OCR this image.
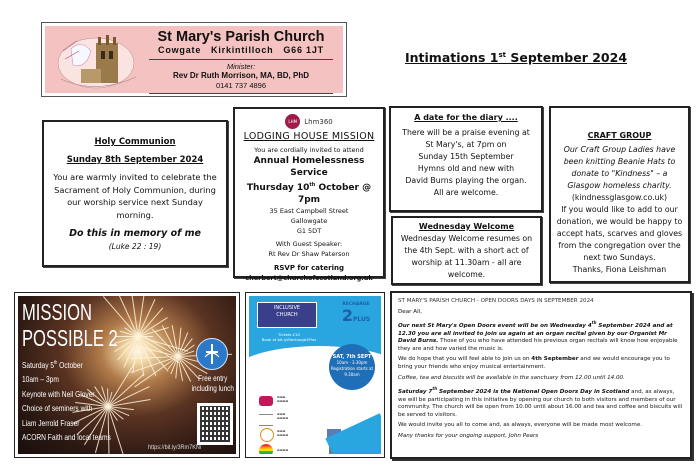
St Mary's Parish Church
Cowgate   Kirkintilloch   G66 1JT
Minister:
Rev Dr Ruth Morrison, MA, BD, PhD
0141 737 4896
Intimations 1st September 2024
Holy Communion
Sunday 8th September 2024
You are warmly invited to celebrate the Sacrament of Holy Communion, during our worship service next Sunday morning.
Do this in memory of me
(Luke 22 : 19)
LHM	Lhm360
LODGING HOUSE MISSION
You are cordially invited to attend
Annual Homelessness Service
Thursday 10th October @ 7pm
35 East Campbell Street
Gallowgate
G1 5DT
With Guest Speaker:
Rt Rev Dr Shaw Paterson
RSVP for catering
cherbert@churchofscotland.org.uk
A date for the diary ....
There will be a praise evening at
St Mary's, at 7pm on
Sunday 15th September
Hymns old and new with
David Burns playing the organ.
All are welcome.
Wednesday Welcome
Wednesday Welcome resumes on the 4th Sept. with a short act of worship at 11.30am - all are welcome.
CRAFT GROUP
Our Craft Group Ladies have
been knitting Beanie Hats to
donate to "Kindness" – a
Glasgow homeless charity.
(kindnessglasgow.co.uk)
If you would like to add to our donation, we would be happy to accept hats, scarves and gloves from the congregation over the next two Sundays.
Thanks, Fiona Leishman
MISSION
POSSIBLE 2
Saturday 5th October
10am – 3pm
Keynote with Neil Glover
Choice of seminers with
Liam Jerrold Fraser
ACORN Faith and local teams
Free entry
including lunch
https://bit.ly/3Rm7KNi
INCLUSIVE
CHURCH
Tickets £10
Book at bit.ly/Recharge2Plus
RECHARGE
2PLUS
SAT, 7th SEPT
10am - 3.30pm
Registration starts at 9.30am
▬▬▬
▬▬▬▬
▬▬▬
▬▬▬▬
▬▬▬
▬▬▬▬
▬▬▬▬

ST MARY'S PARISH CHURCH - OPEN DOORS DAYS IN SEPTEMBER 2024

Dear All,

Our next St Mary's Open Doors event will be on Wednesday 4th September 2024 and at 12.30 you are all invited to join us again at an organ recital given by our Organist Mr David Burns. Those of you who have attended his previous organ recitals will know how enjoyable they are and how varied the music is.

We do hope that you will feel able to join us on 4th September and we would encourage you to bring your friends who enjoy musical entertainment.

Coffee, tea and biscuits will be available in the sanctuary from 12.00 until 14.00.

Saturday 7th September 2024 is the National Open Doors Day in Scotland and, as always, we will be participating in this initiative by opening our church to both visitors and members of our community. The church will be open from 10.00 until about 16.00 and tea and coffee and biscuits will be served to visitors.

We would invite you all to come and, as always, everyone will be made most welcome.

Many thanks for your ongoing support, John Pears
